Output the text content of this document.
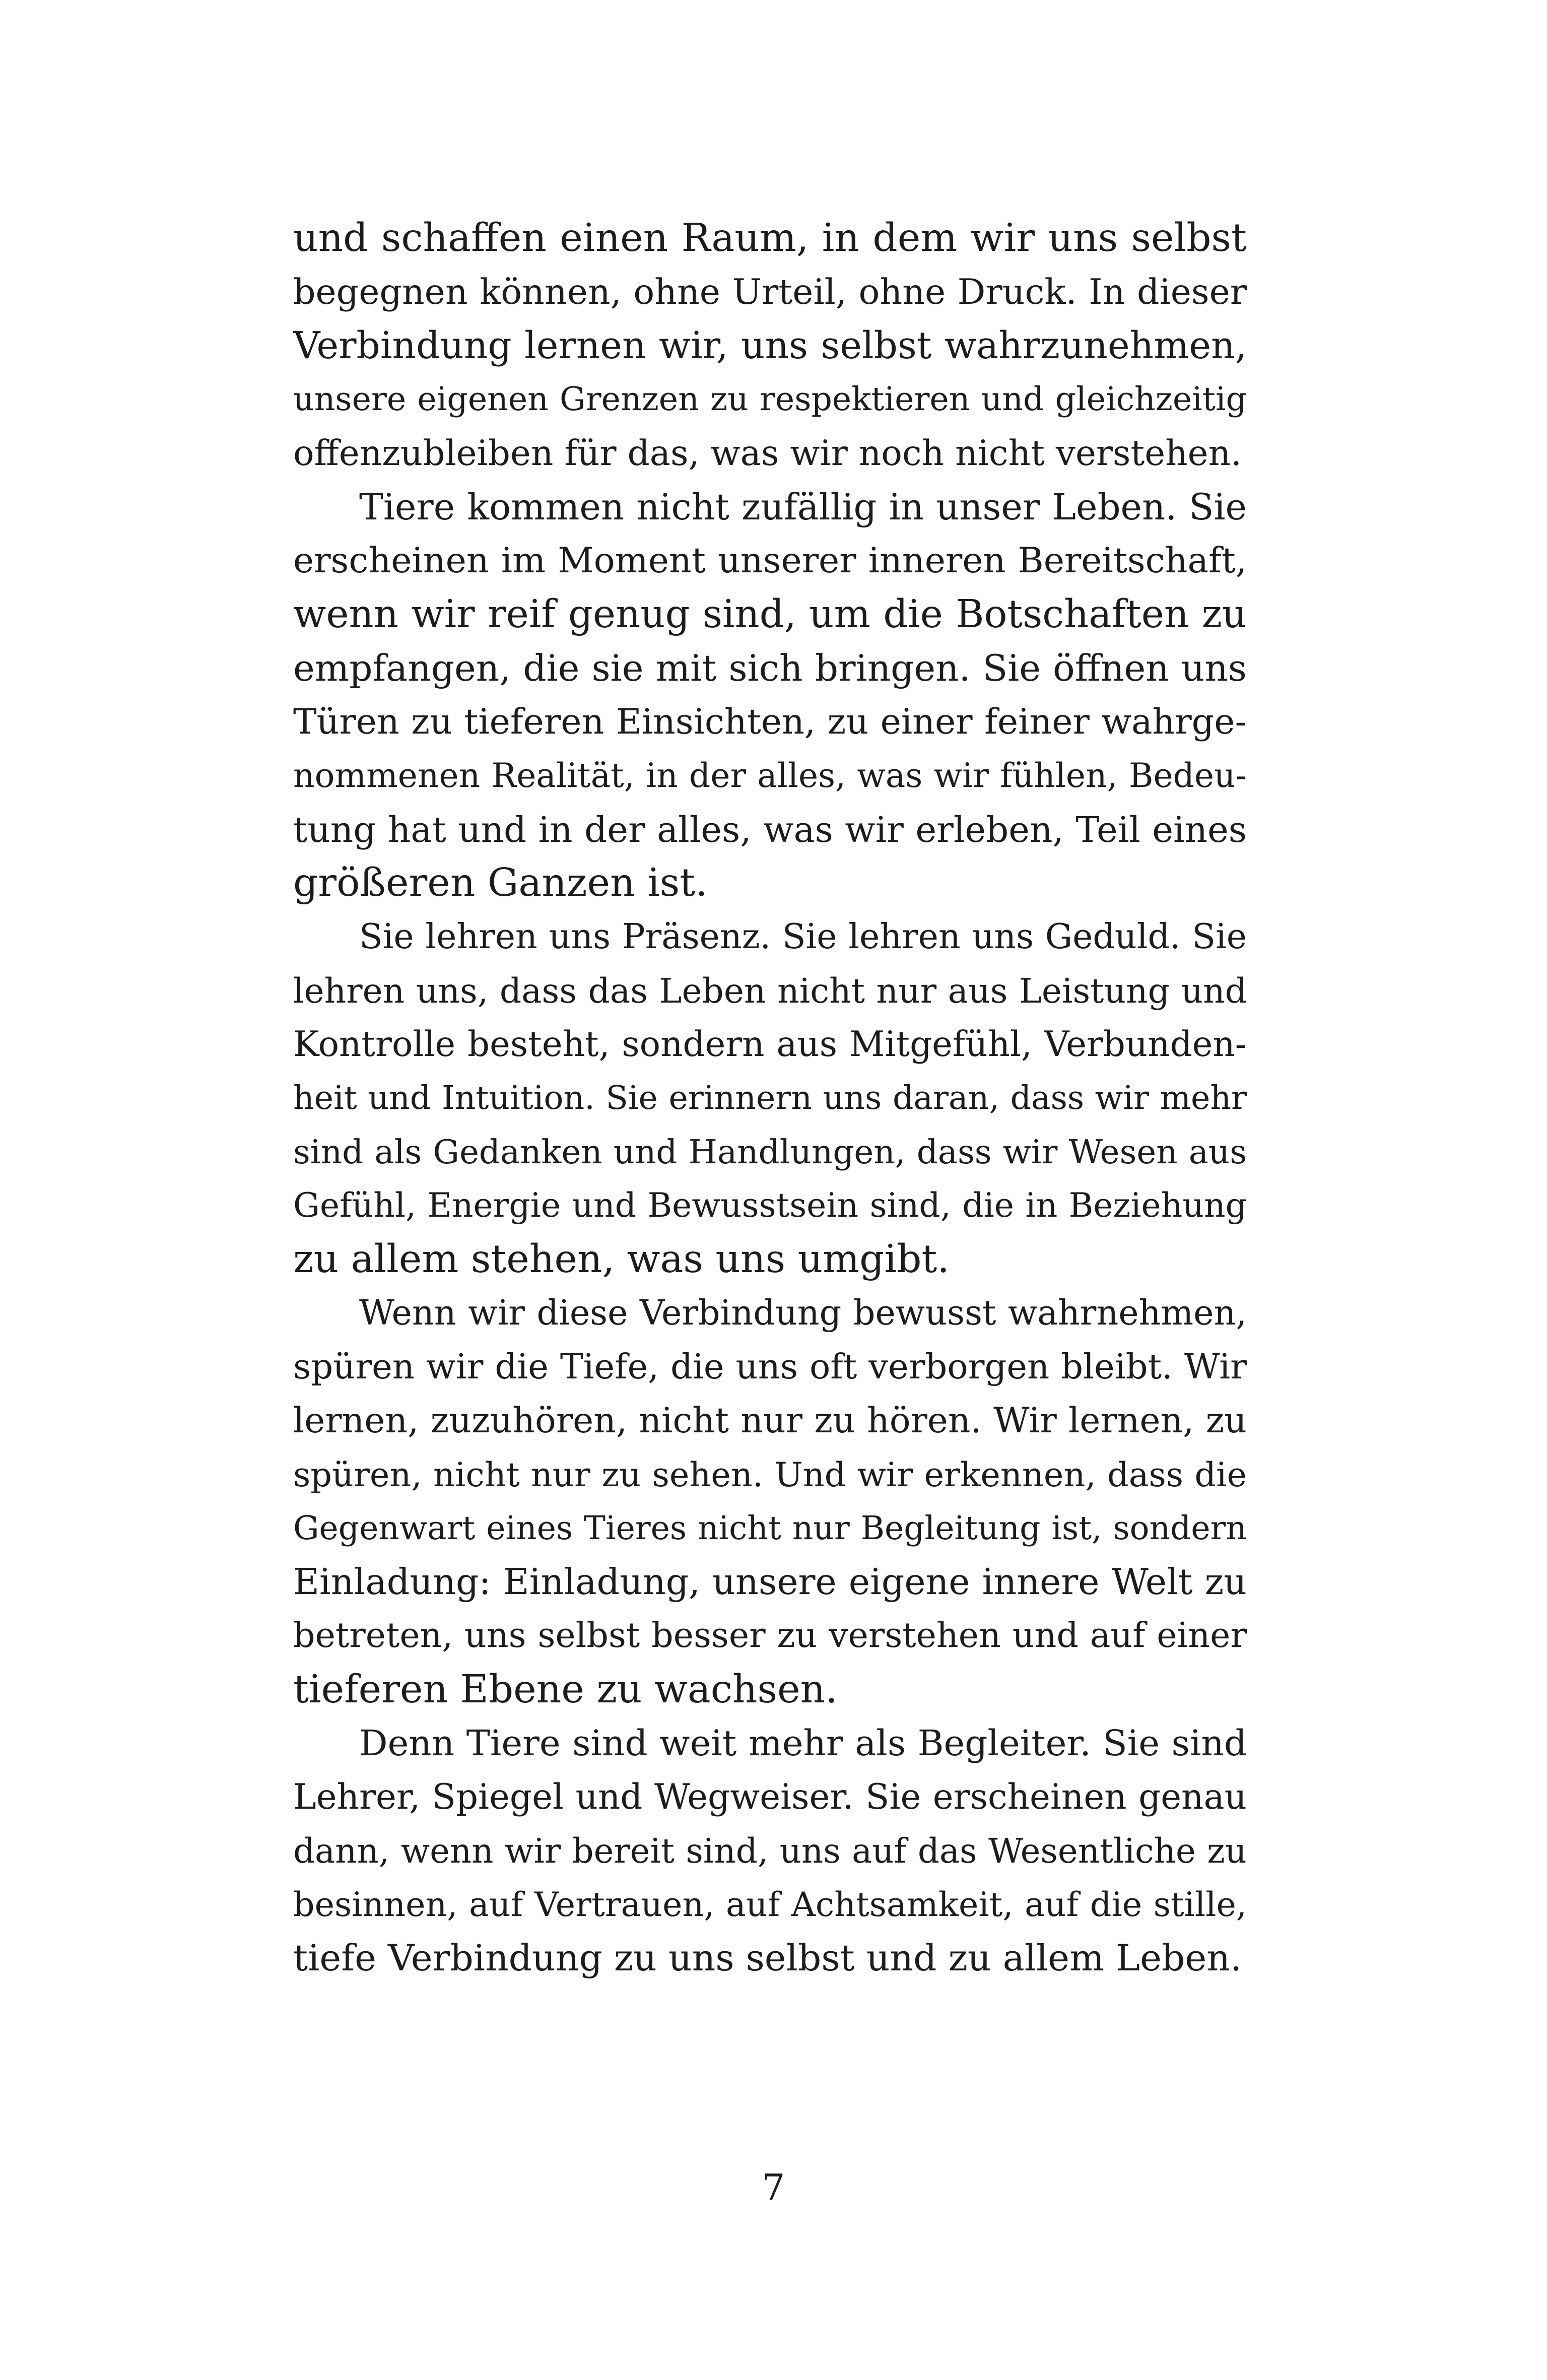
und schaffen einen Raum, in dem wir uns selbst
begegnen können, ohne Urteil, ohne Druck. In dieser
Verbindung lernen wir, uns selbst wahrzunehmen,
unsere eigenen Grenzen zu respektieren und gleichzeitig
offenzubleiben für das, was wir noch nicht verstehen.
Tiere kommen nicht zufällig in unser Leben. Sie
erscheinen im Moment unserer inneren Bereitschaft,
wenn wir reif genug sind, um die Botschaften zu
empfangen, die sie mit sich bringen. Sie öffnen uns
Türen zu tieferen Einsichten, zu einer feiner wahrge-
nommenen Realität, in der alles, was wir fühlen, Bedeu-
tung hat und in der alles, was wir erleben, Teil eines
größeren Ganzen ist.
Sie lehren uns Präsenz. Sie lehren uns Geduld. Sie
lehren uns, dass das Leben nicht nur aus Leistung und
Kontrolle besteht, sondern aus Mitgefühl, Verbunden-
heit und Intuition. Sie erinnern uns daran, dass wir mehr
sind als Gedanken und Handlungen, dass wir Wesen aus
Gefühl, Energie und Bewusstsein sind, die in Beziehung
zu allem stehen, was uns umgibt.
Wenn wir diese Verbindung bewusst wahrnehmen,
spüren wir die Tiefe, die uns oft verborgen bleibt. Wir
lernen, zuzuhören, nicht nur zu hören. Wir lernen, zu
spüren, nicht nur zu sehen. Und wir erkennen, dass die
Gegenwart eines Tieres nicht nur Begleitung ist, sondern
Einladung: Einladung, unsere eigene innere Welt zu
betreten, uns selbst besser zu verstehen und auf einer
tieferen Ebene zu wachsen.
Denn Tiere sind weit mehr als Begleiter. Sie sind
Lehrer, Spiegel und Wegweiser. Sie erscheinen genau
dann, wenn wir bereit sind, uns auf das Wesentliche zu
besinnen, auf Vertrauen, auf Achtsamkeit, auf die stille,
tiefe Verbindung zu uns selbst und zu allem Leben.
7
